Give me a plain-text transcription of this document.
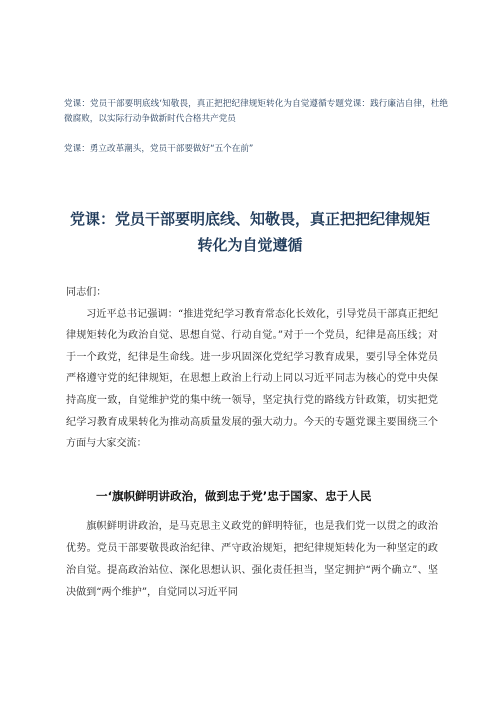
党课：党员干部要明底线‘知敬畏，真正把把纪律规矩转化为自觉遵循专题党课：践行廉洁自律，杜绝微腐败，以实际行动争做新时代合格共产党员

党课：勇立改革潮头，党员干部要做好“五个在前”

党课：党员干部要明底线、知敬畏，真正把把纪律规矩
转化为自觉遵循

同志们：

习近平总书记强调：“推进党纪学习教育常态化长效化，引导党员干部真正把纪律规矩转化为政治自觉、思想自觉、行动自觉。”对于一个党员，纪律是高压线；对于一个政党，纪律是生命线。进一步巩固深化党纪学习教育成果，要引导全体党员严格遵守党的纪律规矩，在思想上政治上行动上同以习近平同志为核心的党中央保持高度一致，自觉维护党的集中统一领导，坚定执行党的路线方针政策，切实把党纪学习教育成果转化为推动高质量发展的强大动力。今天的专题党课主要围绕三个方面与大家交流：

一‘旗帜鲜明讲政治，做到忠于党’忠于国家、忠于人民

旗帜鲜明讲政治，是马克思主义政党的鲜明特征，也是我们党一以贯之的政治优势。党员干部要敬畏政治纪律、严守政治规矩，把纪律规矩转化为一种坚定的政治自觉。提高政治站位、深化思想认识、强化责任担当，坚定拥护“两个确立”、坚决做到“两个维护”，自觉同以习近平同
